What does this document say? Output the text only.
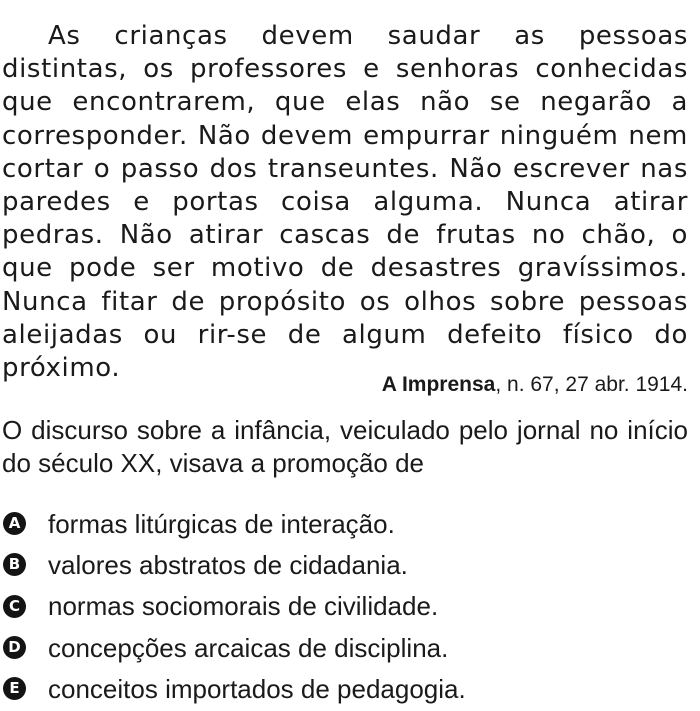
As crianças devem saudar as pessoas distintas, os professores e senhoras conhecidas que encontrarem, que elas não se negarão a corresponder. Não devem empurrar ninguém nem cortar o passo dos transeuntes. Não escrever nas paredes e portas coisa alguma. Nunca atirar pedras. Não atirar cascas de frutas no chão, o que pode ser motivo de desastres gravíssimos. Nunca fitar de propósito os olhos sobre pessoas aleijadas ou rir-se de algum defeito físico do próximo.

A Imprensa, n. 67, 27 abr. 1914.

O discurso sobre a infância, veiculado pelo jornal no início do século XX, visava a promoção de

A formas litúrgicas de interação.
B valores abstratos de cidadania.
C normas sociomorais de civilidade.
D concepções arcaicas de disciplina.
E conceitos importados de pedagogia.
